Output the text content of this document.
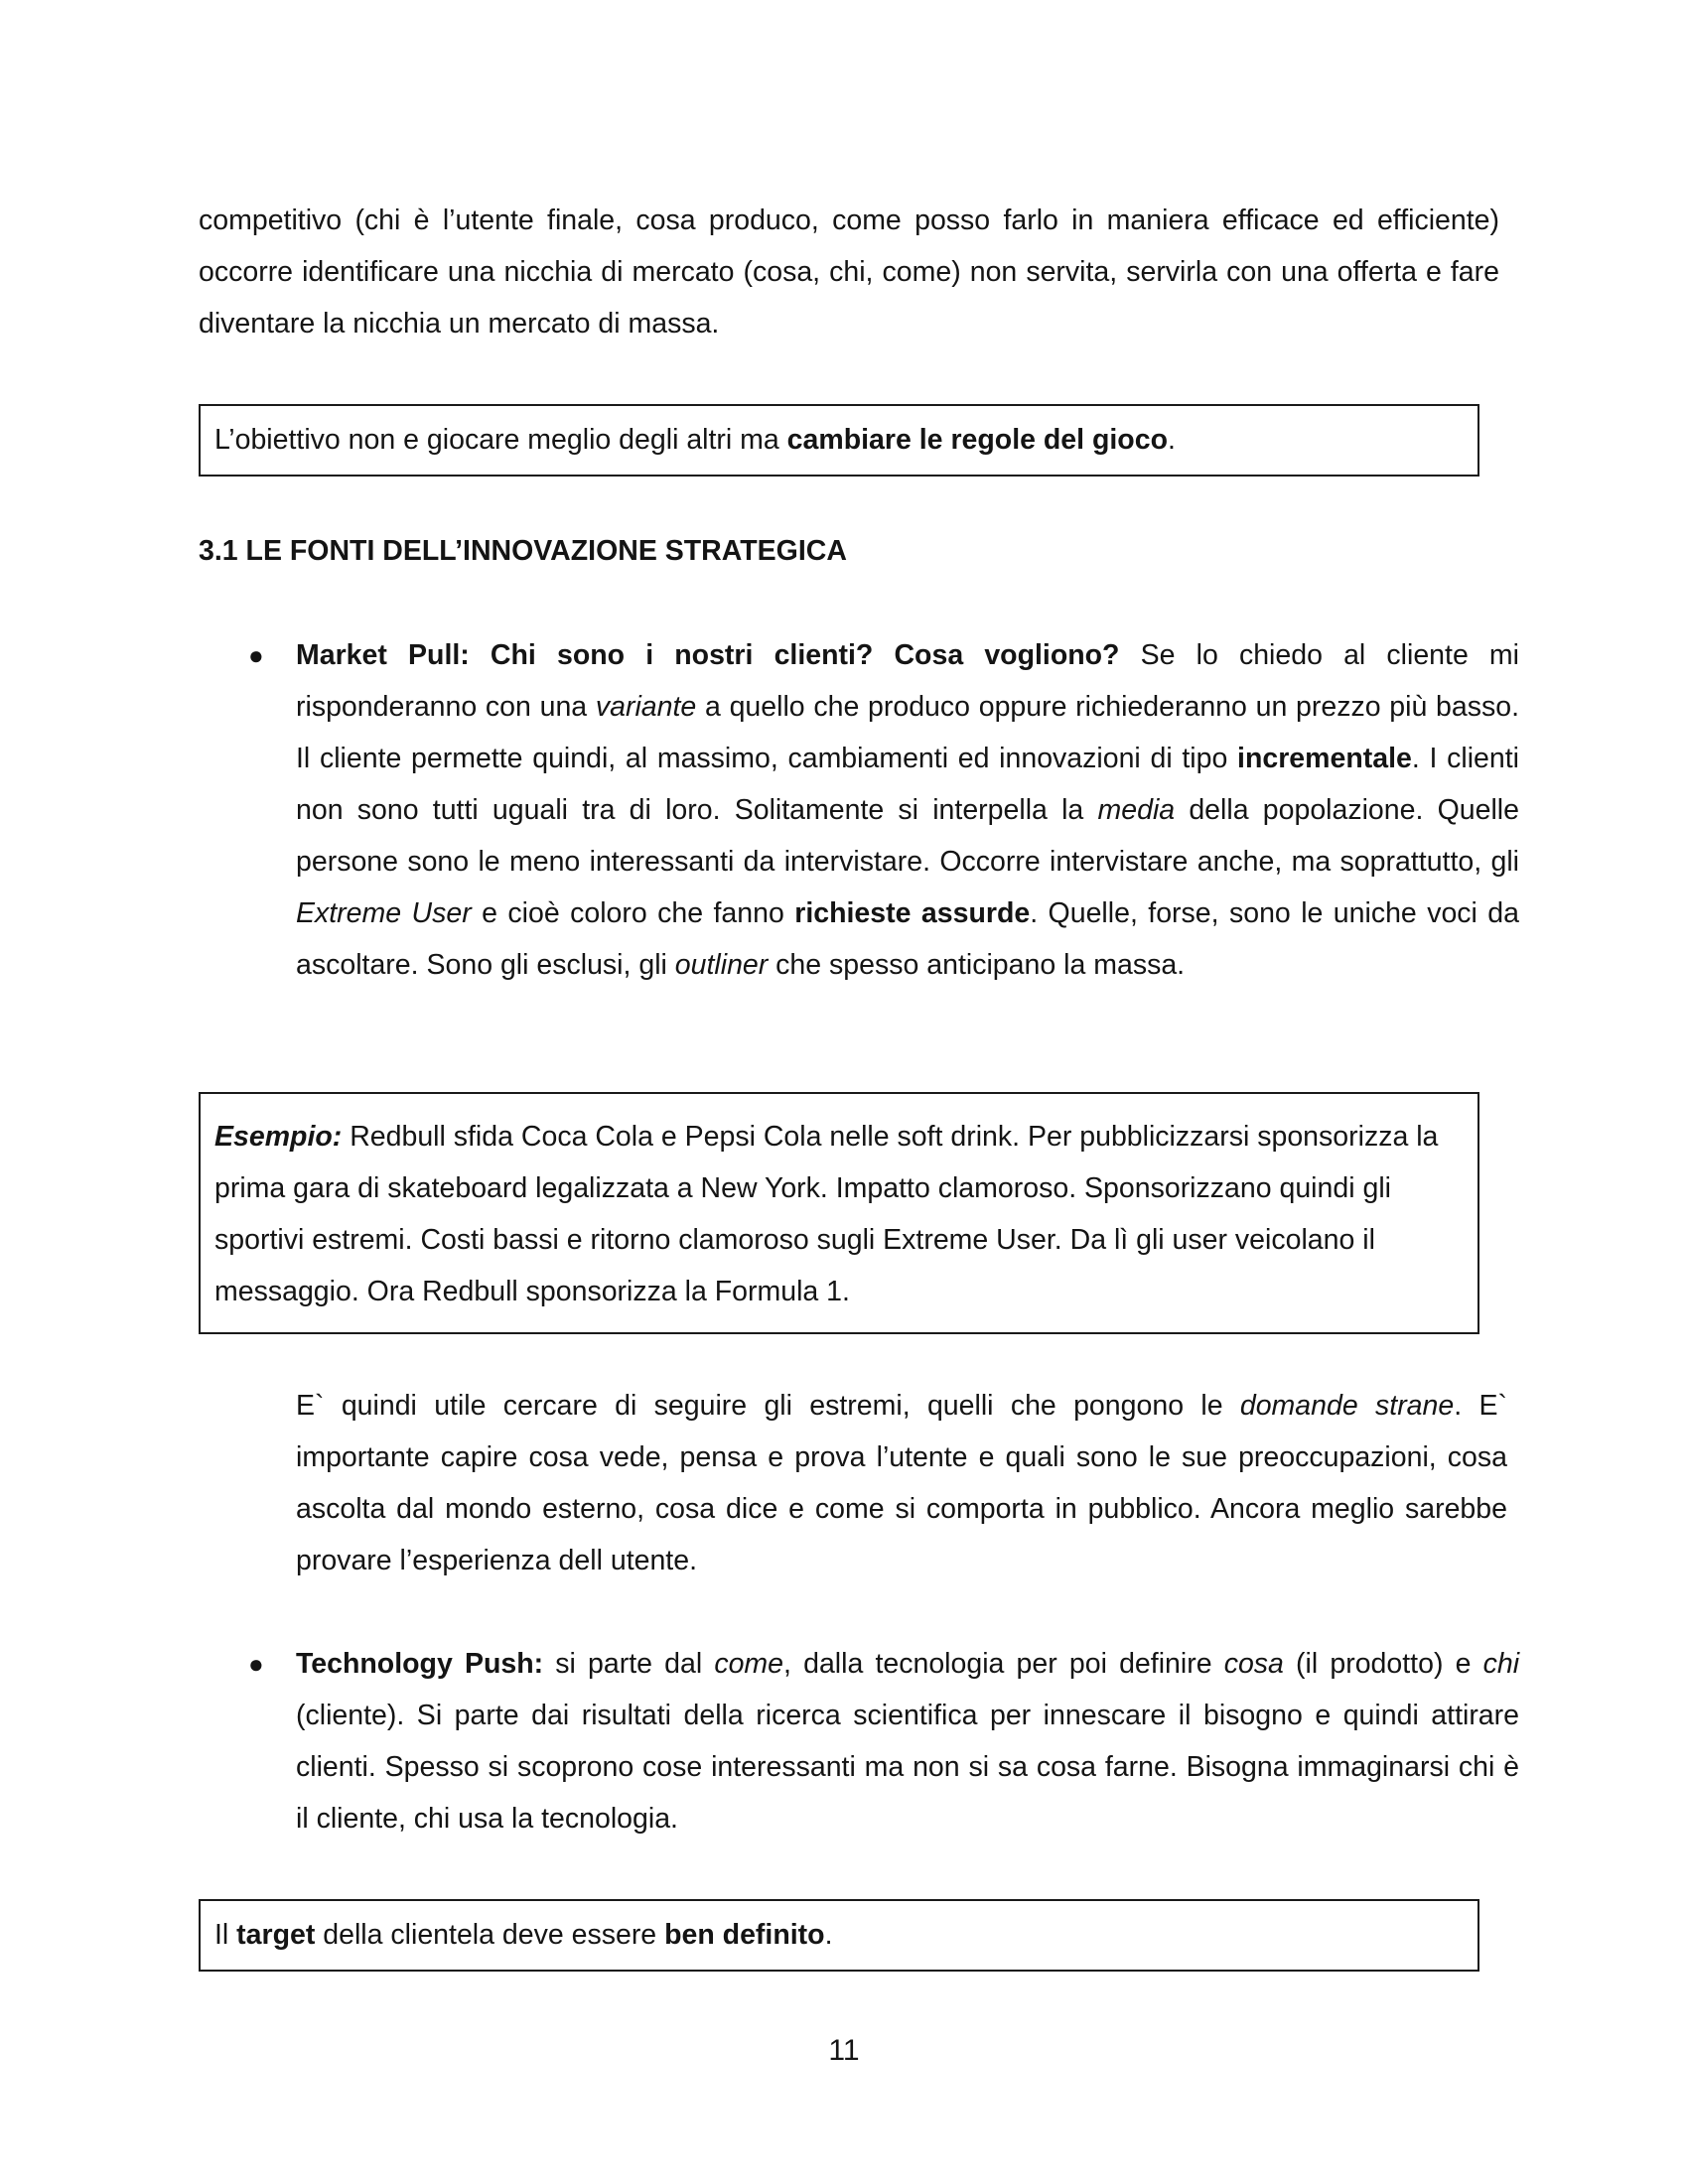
competitivo (chi è l’utente finale, cosa produco, come posso farlo in maniera efficace ed efficiente) occorre identificare una nicchia di mercato (cosa, chi, come) non servita, servirla con una offerta e fare diventare la nicchia un mercato di massa.

L’obiettivo non e giocare meglio degli altri ma cambiare le regole del gioco.
3.1 LE FONTI DELL’INNOVAZIONE STRATEGICA
● Market Pull: Chi sono i nostri clienti? Cosa vogliono? Se lo chiedo al cliente mi risponderanno con una variante a quello che produco oppure richiederanno un prezzo più basso. Il cliente permette quindi, al massimo, cambiamenti ed innovazioni di tipo incrementale. I clienti non sono tutti uguali tra di loro. Solitamente si interpella la media della popolazione. Quelle persone sono le meno interessanti da intervistare. Occorre intervistare anche, ma soprattutto, gli Extreme User e cioè coloro che fanno richieste assurde. Quelle, forse, sono le uniche voci da ascoltare. Sono gli esclusi, gli outliner che spesso anticipano la massa.

Esempio: Redbull sfida Coca Cola e Pepsi Cola nelle soft drink. Per pubblicizzarsi sponsorizza la
prima gara di skateboard legalizzata a New York. Impatto clamoroso. Sponsorizzano quindi gli
sportivi estremi. Costi bassi e ritorno clamoroso sugli Extreme User. Da lì gli user veicolano il
messaggio. Ora Redbull sponsorizza la Formula 1.

E` quindi utile cercare di seguire gli estremi, quelli che pongono le domande strane. E` importante capire cosa vede, pensa e prova l’utente e quali sono le sue preoccupazioni, cosa ascolta dal mondo esterno, cosa dice e come si comporta in pubblico. Ancora meglio sarebbe provare l’esperienza dell utente.

● Technology Push: si parte dal come, dalla tecnologia per poi definire cosa (il prodotto) e chi (cliente). Si parte dai risultati della ricerca scientifica per innescare il bisogno e quindi attirare clienti. Spesso si scoprono cose interessanti ma non si sa cosa farne. Bisogna immaginarsi chi è il cliente, chi usa la tecnologia.

Il target della clientela deve essere ben definito.
11
